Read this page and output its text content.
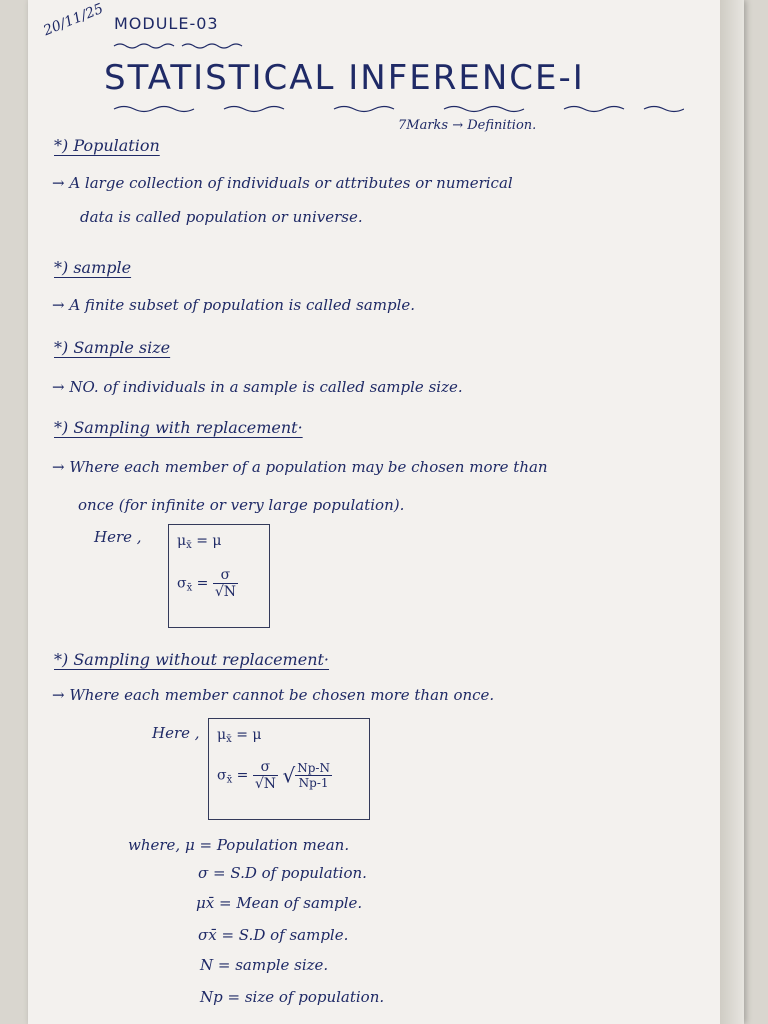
20/11/25 MODULE-03
STATISTICAL INFERENCE-I
7Marks → Definition.
*) Population
→ A large collection of individuals or attributes or numerical
data is called population or universe.
*) sample
→ A finite subset of population is called sample.
*) Sample size
→ NO. of individuals in a sample is called sample size.
*) Sampling with replacement·
→ Where each member of a population may be chosen more than
once (for infinite or very large population).
Here ,	$\mu_{x̄} = \mu$
$\sigma_{x̄} = \frac{\sigma}{√N}$
*) Sampling without replacement·
→ Where each member cannot be chosen more than once.
Here , $\mu_{x̄} = \mu$
$\sigma_{x̄} = \frac{\sigma}{√N}$ √ $\frac{Np-N}{Np-1}$
where, μ = Population mean.
σ = S.D of population.
μx̄ = Mean of sample.
σx̄ = S.D of sample.
N = sample size.
Np = size of population.
